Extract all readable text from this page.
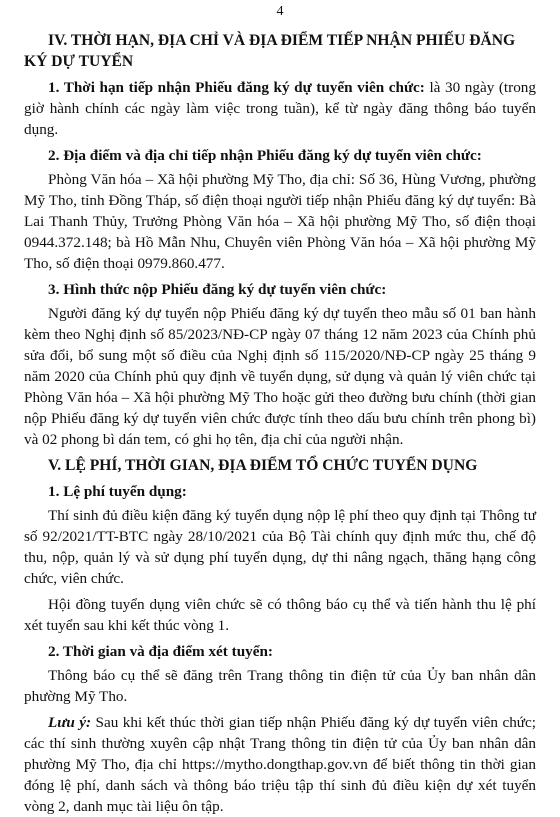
4
IV. THỜI HẠN, ĐỊA CHỈ VÀ ĐỊA ĐIỂM TIẾP NHẬN PHIẾU ĐĂNG KÝ DỰ TUYỂN

1. Thời hạn tiếp nhận Phiếu đăng ký dự tuyển viên chức: là 30 ngày (trong giờ hành chính các ngày làm việc trong tuần), kể từ ngày đăng thông báo tuyển dụng.

2. Địa điểm và địa chỉ tiếp nhận Phiếu đăng ký dự tuyển viên chức:

Phòng Văn hóa – Xã hội phường Mỹ Tho, địa chỉ: Số 36, Hùng Vương, phường Mỹ Tho, tỉnh Đồng Tháp, số điện thoại người tiếp nhận Phiếu đăng ký dự tuyển: Bà Lai Thanh Thủy, Trưởng Phòng Văn hóa – Xã hội phường Mỹ Tho, số điện thoại 0944.372.148; bà Hồ Mẫn Nhu, Chuyên viên Phòng Văn hóa – Xã hội phường Mỹ Tho, số điện thoại 0979.860.477.

3. Hình thức nộp Phiếu đăng ký dự tuyển viên chức:

Người đăng ký dự tuyển nộp Phiếu đăng ký dự tuyển theo mẫu số 01 ban hành kèm theo Nghị định số 85/2023/NĐ-CP ngày 07 tháng 12 năm 2023 của Chính phủ sửa đổi, bổ sung một số điều của Nghị định số 115/2020/NĐ-CP ngày 25 tháng 9 năm 2020 của Chính phủ quy định về tuyển dụng, sử dụng và quản lý viên chức tại Phòng Văn hóa – Xã hội phường Mỹ Tho hoặc gửi theo đường bưu chính (thời gian nộp Phiếu đăng ký dự tuyển viên chức được tính theo dấu bưu chính trên phong bì) và 02 phong bì dán tem, có ghi họ tên, địa chỉ của người nhận.

V. LỆ PHÍ, THỜI GIAN, ĐỊA ĐIỂM TỔ CHỨC TUYỂN DỤNG
1. Lệ phí tuyển dụng:

Thí sinh đủ điều kiện đăng ký tuyển dụng nộp lệ phí theo quy định tại Thông tư số 92/2021/TT-BTC ngày 28/10/2021 của Bộ Tài chính quy định mức thu, chế độ thu, nộp, quản lý và sử dụng phí tuyển dụng, dự thi nâng ngạch, thăng hạng công chức, viên chức.

Hội đồng tuyển dụng viên chức sẽ có thông báo cụ thể và tiến hành thu lệ phí xét tuyển sau khi kết thúc vòng 1.

2. Thời gian và địa điểm xét tuyển:

Thông báo cụ thể sẽ đăng trên Trang thông tin điện tử của Ủy ban nhân dân phường Mỹ Tho.

Lưu ý: Sau khi kết thúc thời gian tiếp nhận Phiếu đăng ký dự tuyển viên chức; các thí sinh thường xuyên cập nhật Trang thông tin điện tử của Ủy ban nhân dân phường Mỹ Tho, địa chỉ https://mytho.dongthap.gov.vn để biết thông tin thời gian đóng lệ phí, danh sách và thông báo triệu tập thí sinh đủ điều kiện dự xét tuyển vòng 2, danh mục tài liệu ôn tập.
